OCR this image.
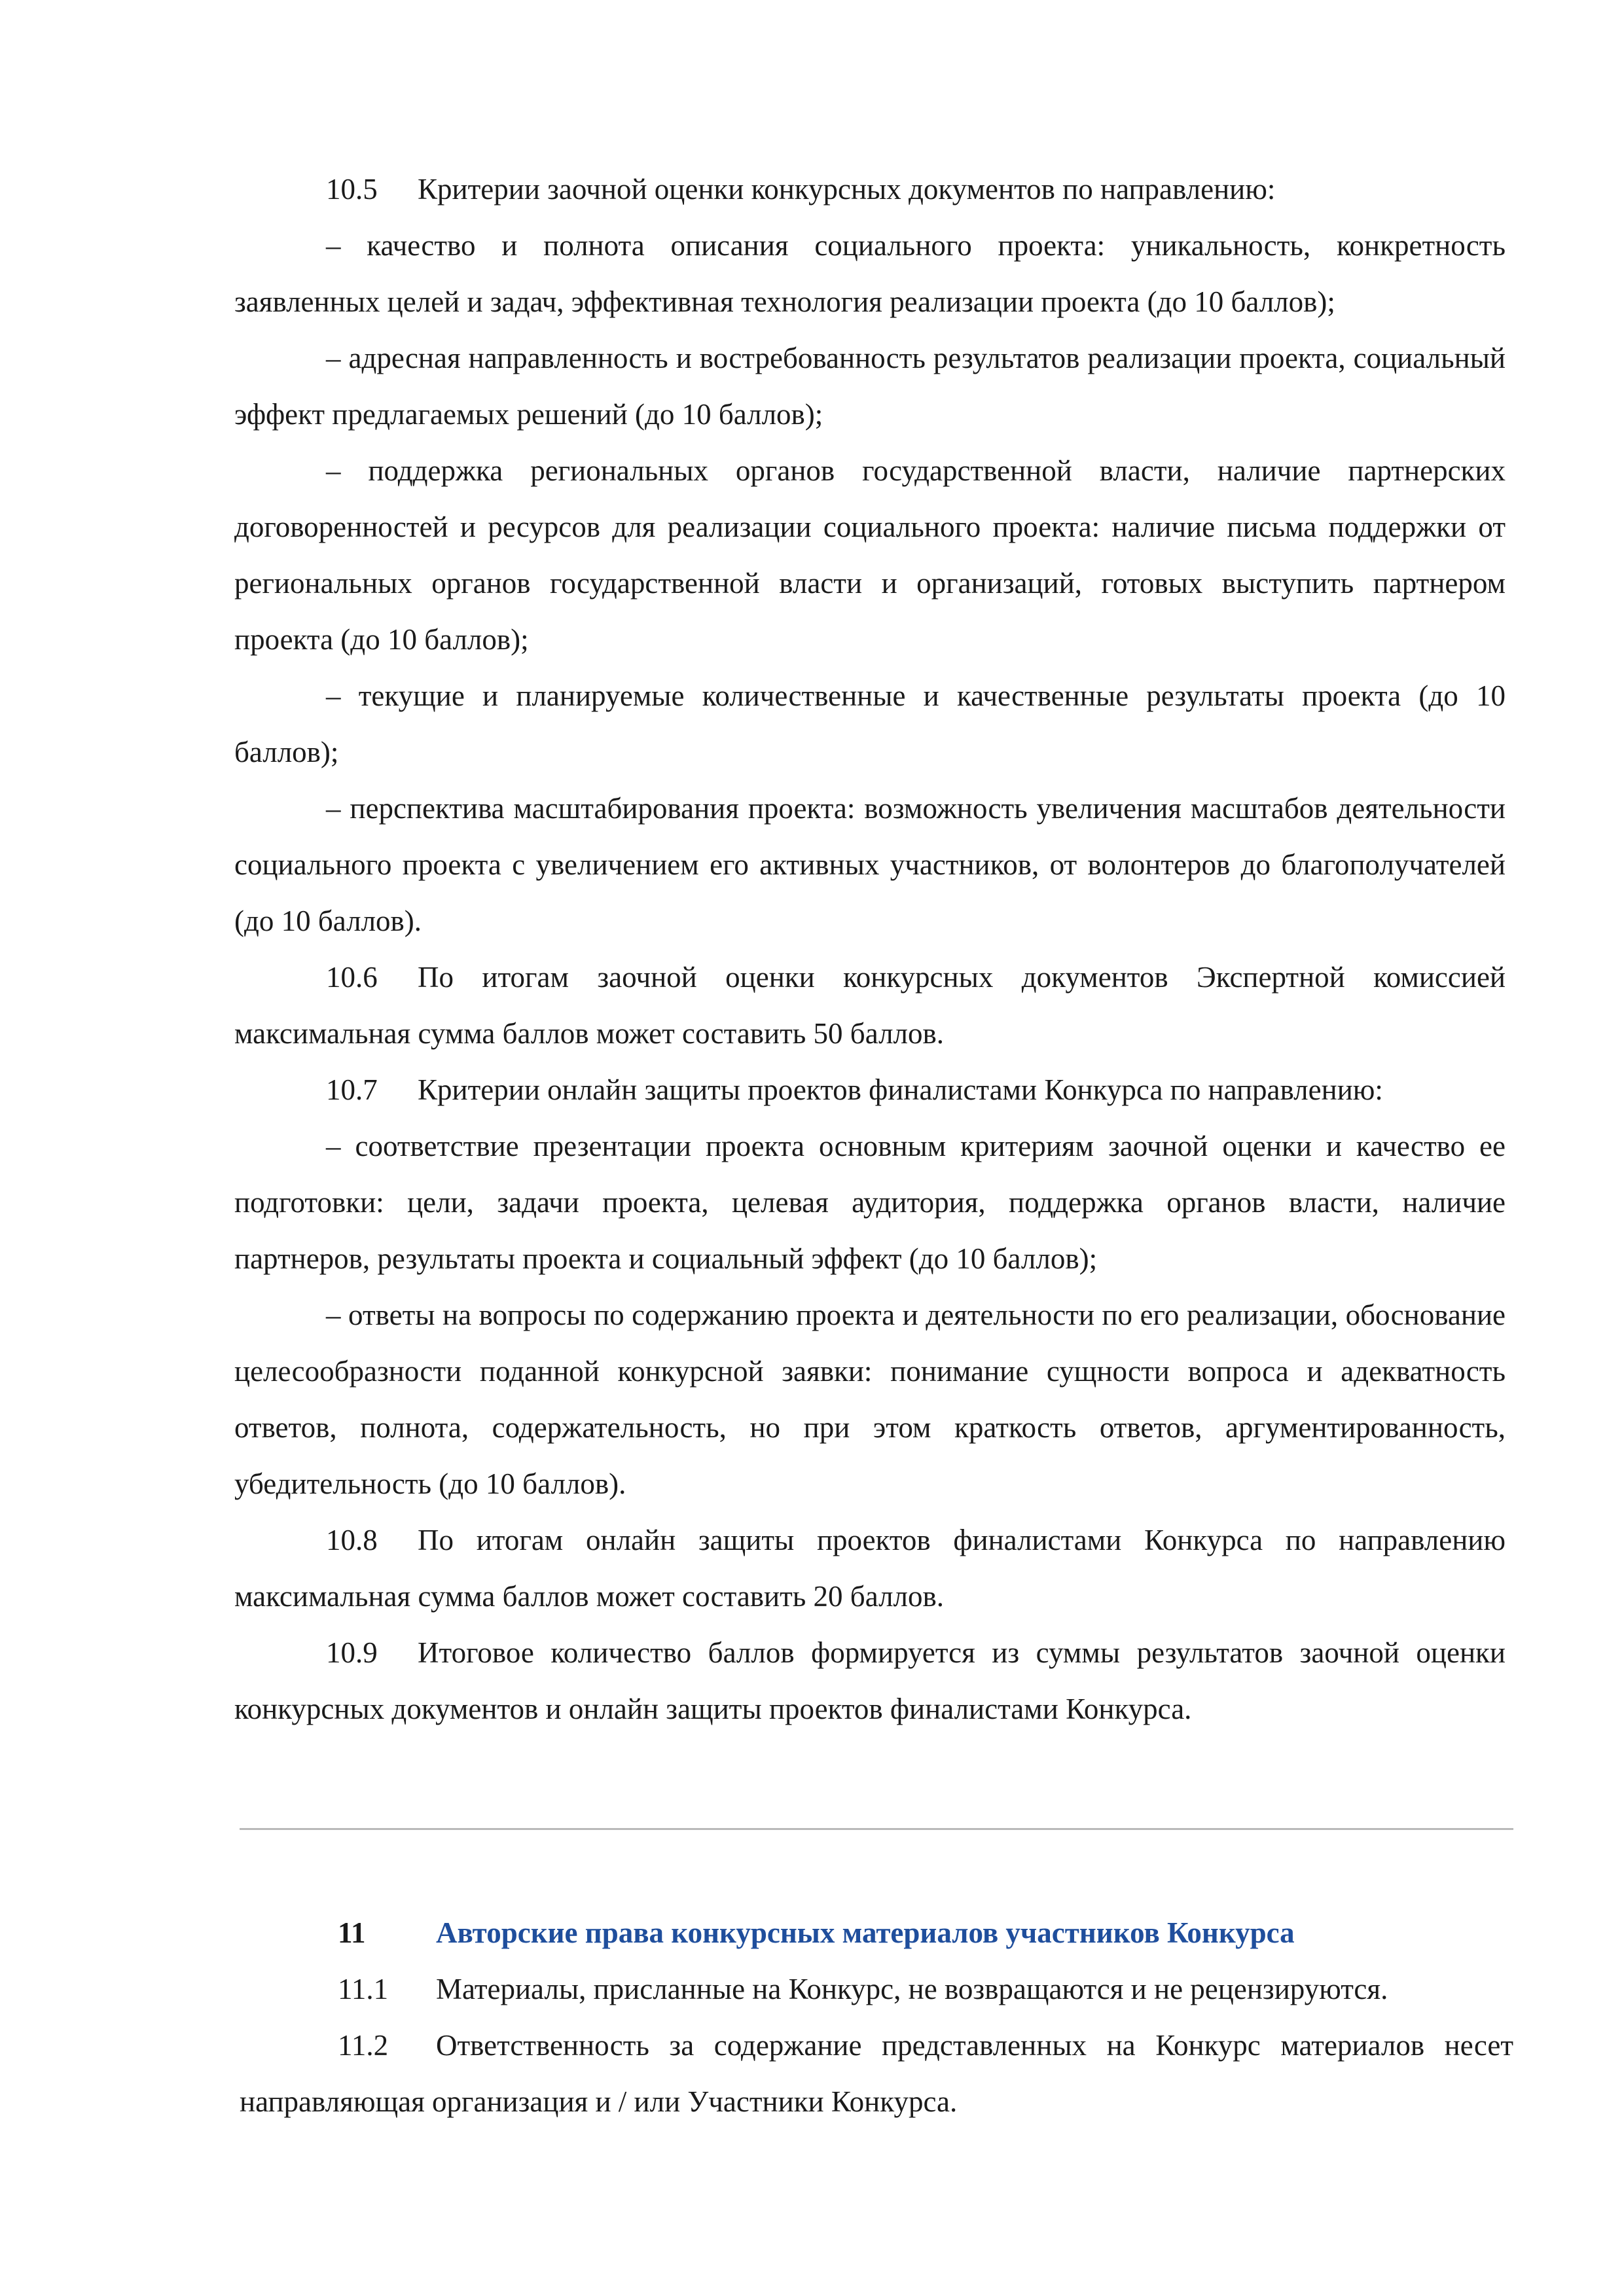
10.5 Критерии заочной оценки конкурсных документов по направлению:

– качество и полнота описания социального проекта: уникальность, конкретность заявленных целей и задач, эффективная технология реализации проекта (до 10 баллов);

– адресная направленность и востребованность результатов реализации проекта, социальный эффект предлагаемых решений (до 10 баллов);

– поддержка региональных органов государственной власти, наличие партнерских договоренностей и ресурсов для реализации социального проекта: наличие письма поддержки от региональных органов государственной власти и организаций, готовых выступить партнером проекта (до 10 баллов);

– текущие и планируемые количественные и качественные результаты проекта (до 10 баллов);

– перспектива масштабирования проекта: возможность увеличения масштабов деятельности социального проекта с увеличением его активных участников, от волонтеров до благополучателей (до 10 баллов).

10.6 По итогам заочной оценки конкурсных документов Экспертной комиссией максимальная сумма баллов может составить 50 баллов.

10.7 Критерии онлайн защиты проектов финалистами Конкурса по направлению:

– соответствие презентации проекта основным критериям заочной оценки и качество ее подготовки: цели, задачи проекта, целевая аудитория, поддержка органов власти, наличие партнеров, результаты проекта и социальный эффект (до 10 баллов);

– ответы на вопросы по содержанию проекта и деятельности по его реализации, обоснование целесообразности поданной конкурсной заявки: понимание сущности вопроса и адекватность ответов, полнота, содержательность, но при этом краткость ответов, аргументированность, убедительность (до 10 баллов).

10.8 По итогам онлайн защиты проектов финалистами Конкурса по направлению максимальная сумма баллов может составить 20 баллов.

10.9 Итоговое количество баллов формируется из суммы результатов заочной оценки конкурсных документов и онлайн защиты проектов финалистами Конкурса.

11 Авторские права конкурсных материалов участников Конкурса

11.1 Материалы, присланные на Конкурс, не возвращаются и не рецензируются.

11.2 Ответственность за содержание представленных на Конкурс материалов несет направляющая организация и / или Участники Конкурса.
